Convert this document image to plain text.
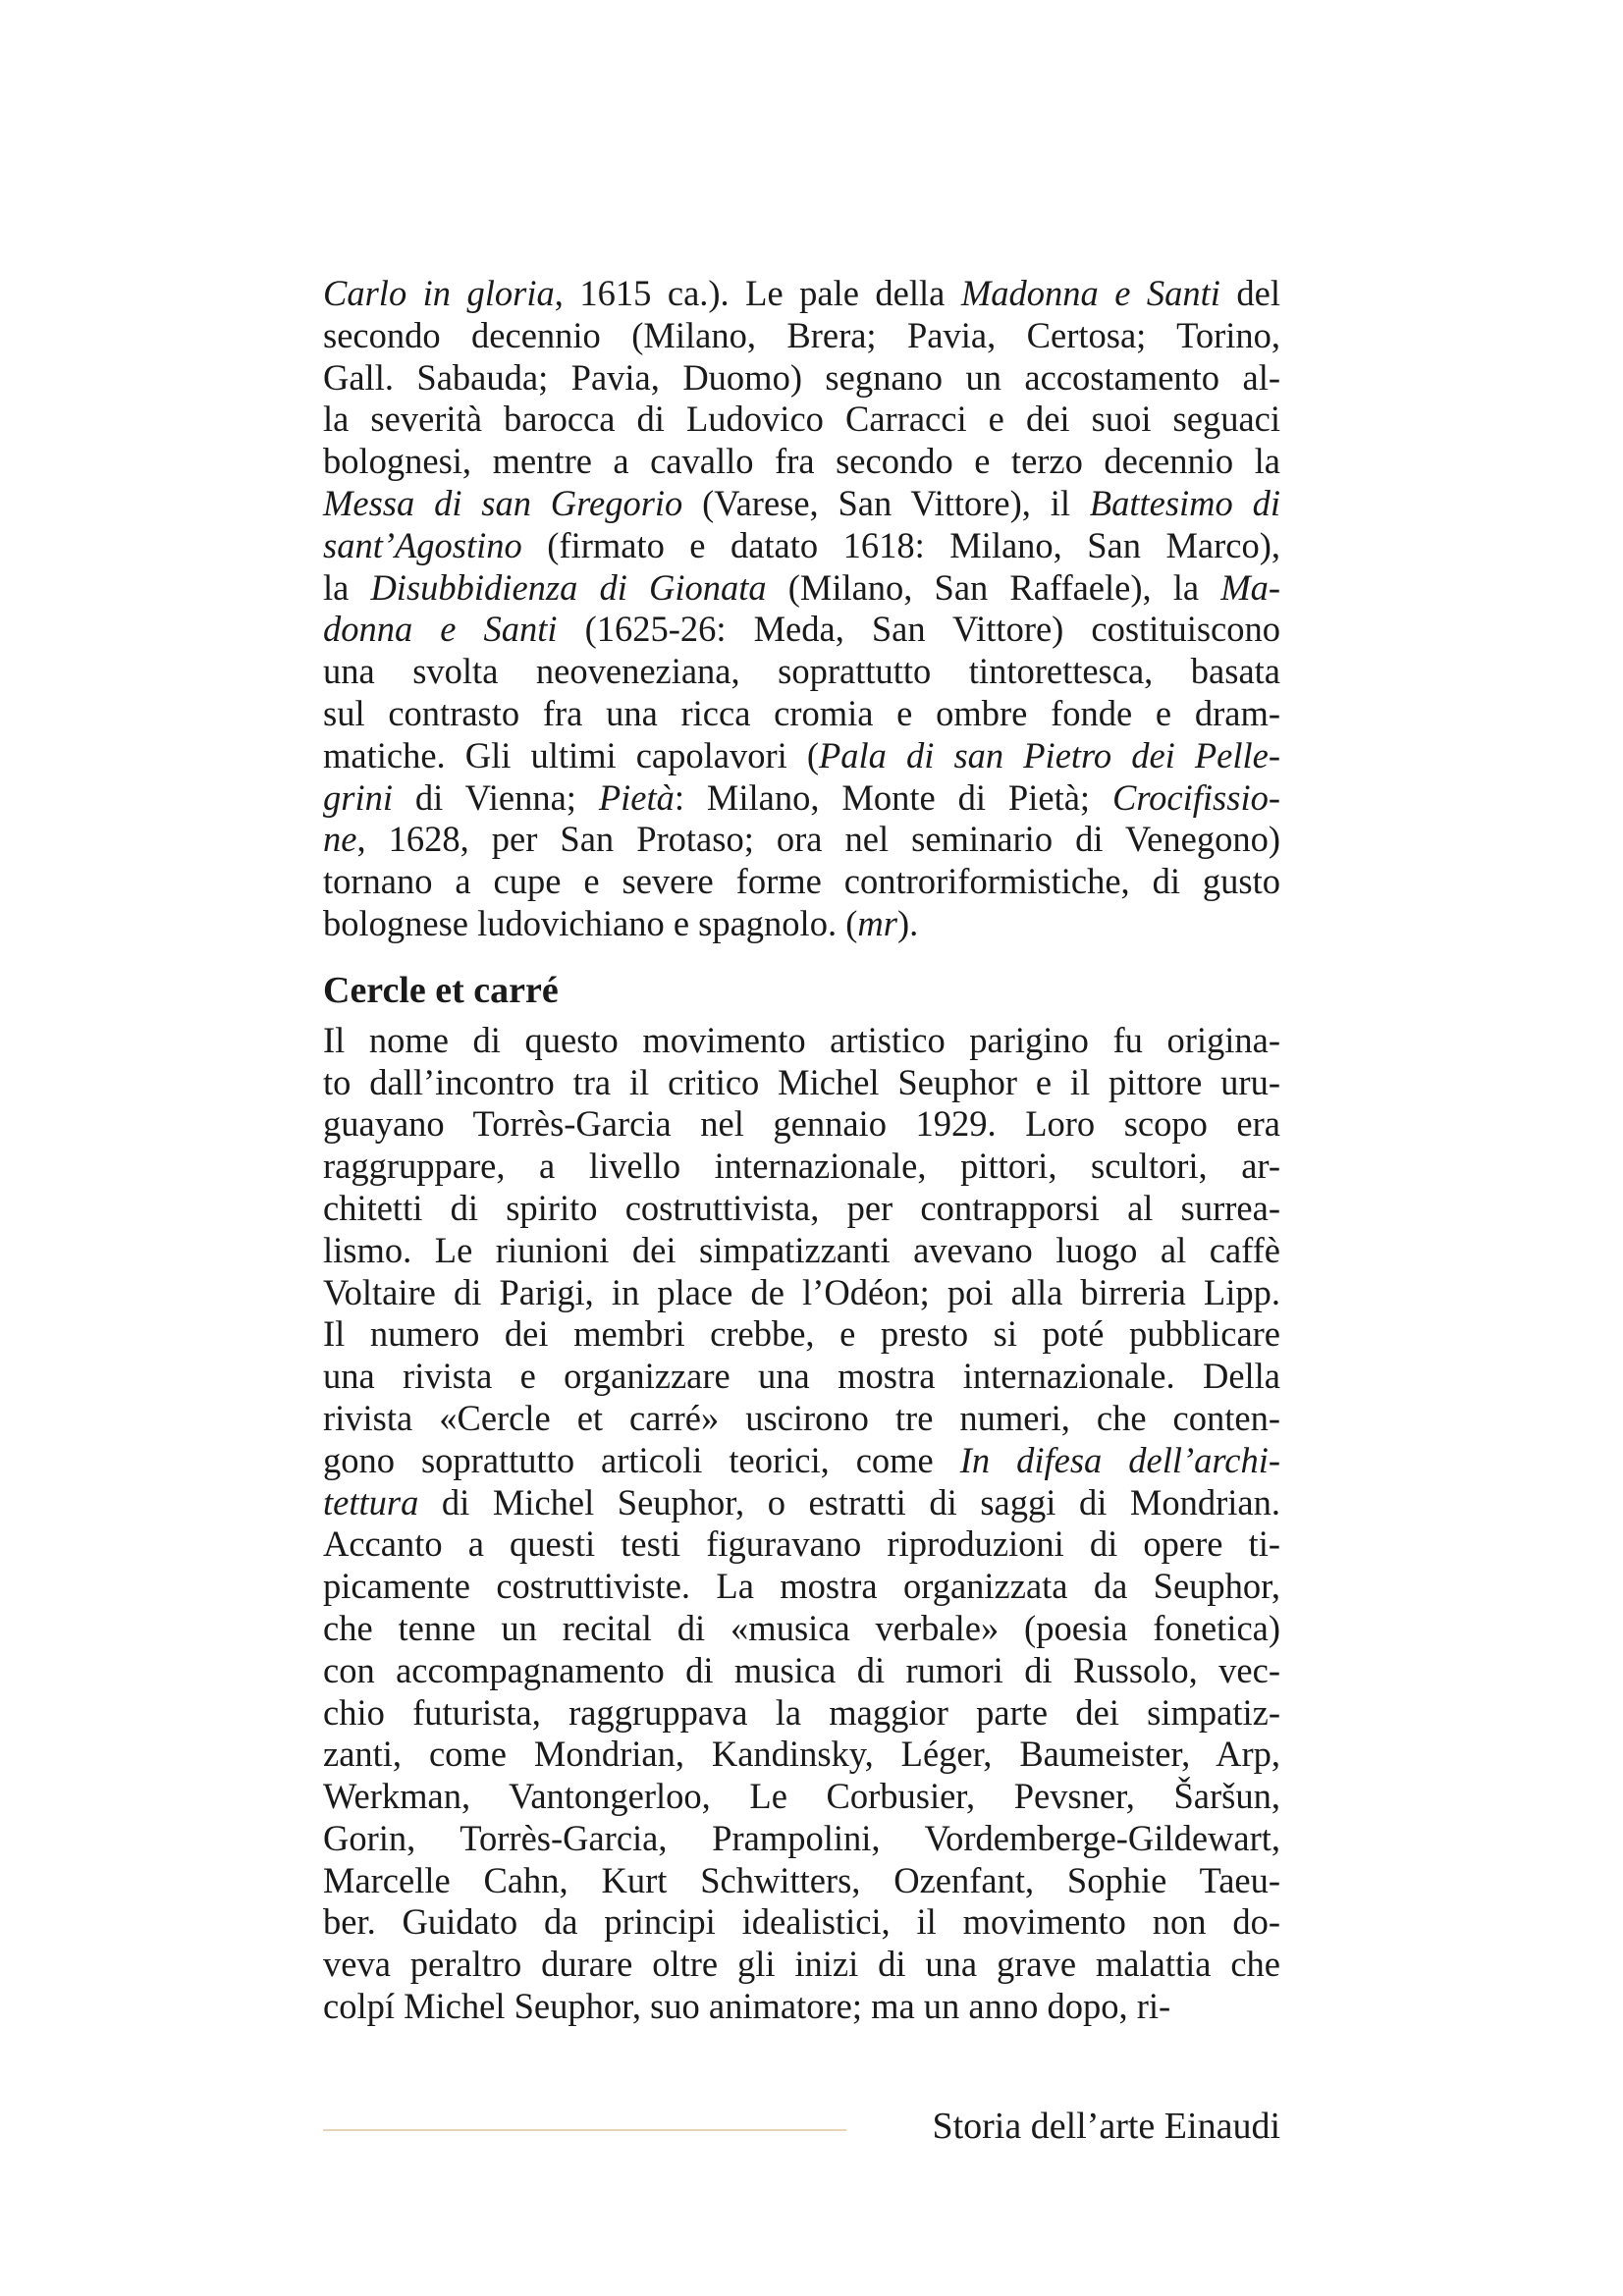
Carlo in gloria, 1615 ca.). Le pale della Madonna e Santi del
secondo decennio (Milano, Brera; Pavia, Certosa; Torino,
Gall. Sabauda; Pavia, Duomo) segnano un accostamento al-
la severità barocca di Ludovico Carracci e dei suoi seguaci
bolognesi, mentre a cavallo fra secondo e terzo decennio la
Messa di san Gregorio (Varese, San Vittore), il Battesimo di
sant’Agostino (firmato e datato 1618: Milano, San Marco),
la Disubbidienza di Gionata (Milano, San Raffaele), la Ma-
donna e Santi (1625-26: Meda, San Vittore) costituiscono
una svolta neoveneziana, soprattutto tintorettesca, basata
sul contrasto fra una ricca cromia e ombre fonde e dram-
matiche. Gli ultimi capolavori (Pala di san Pietro dei Pelle-
grini di Vienna; Pietà: Milano, Monte di Pietà; Crocifissio-
ne, 1628, per San Protaso; ora nel seminario di Venegono)
tornano a cupe e severe forme controriformistiche, di gusto
bolognese ludovichiano e spagnolo. (mr).

Cercle et carré

Il nome di questo movimento artistico parigino fu origina-
to dall’incontro tra il critico Michel Seuphor e il pittore uru-
guayano Torrès-Garcia nel gennaio 1929. Loro scopo era
raggruppare, a livello internazionale, pittori, scultori, ar-
chitetti di spirito costruttivista, per contrapporsi al surrea-
lismo. Le riunioni dei simpatizzanti avevano luogo al caffè
Voltaire di Parigi, in place de l’Odéon; poi alla birreria Lipp.
Il numero dei membri crebbe, e presto si poté pubblicare
una rivista e organizzare una mostra internazionale. Della
rivista «Cercle et carré» uscirono tre numeri, che conten-
gono soprattutto articoli teorici, come In difesa dell’archi-
tettura di Michel Seuphor, o estratti di saggi di Mondrian.
Accanto a questi testi figuravano riproduzioni di opere ti-
picamente costruttiviste. La mostra organizzata da Seuphor,
che tenne un recital di «musica verbale» (poesia fonetica)
con accompagnamento di musica di rumori di Russolo, vec-
chio futurista, raggruppava la maggior parte dei simpatiz-
zanti, come Mondrian, Kandinsky, Léger, Baumeister, Arp,
Werkman, Vantongerloo, Le Corbusier, Pevsner, Šaršun,
Gorin, Torrès-Garcia, Prampolini, Vordemberge-Gildewart,
Marcelle Cahn, Kurt Schwitters, Ozenfant, Sophie Taeu-
ber. Guidato da principi idealistici, il movimento non do-
veva peraltro durare oltre gli inizi di una grave malattia che
colpí Michel Seuphor, suo animatore; ma un anno dopo, ri-

Storia dell’arte Einaudi
